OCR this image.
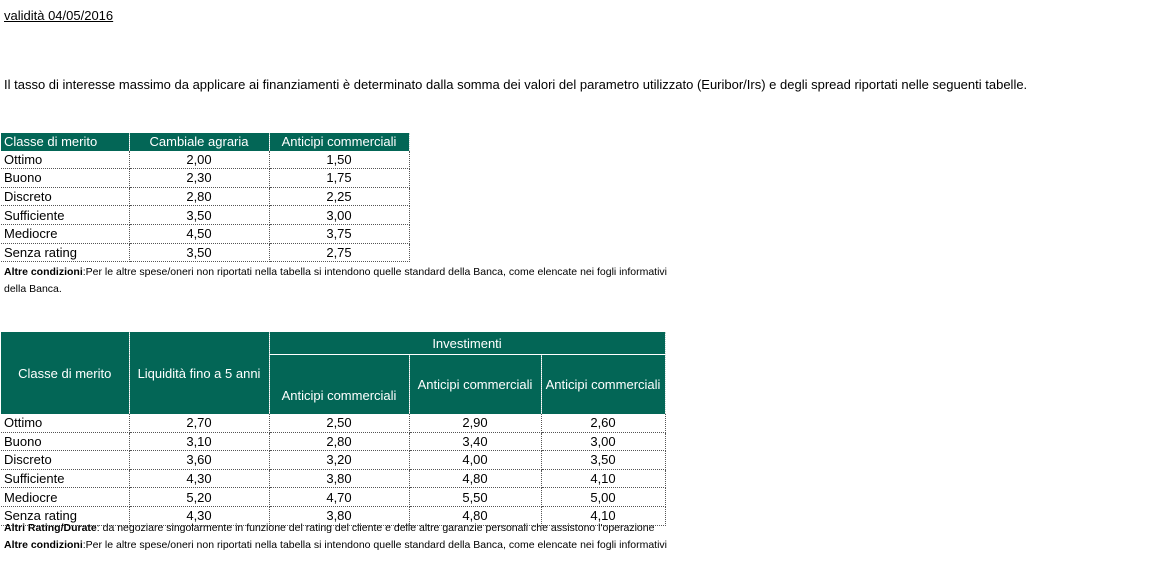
validità 04/05/2016
Il tasso di interesse massimo da applicare ai finanziamenti è determinato dalla somma dei valori del parametro utilizzato (Euribor/Irs) e degli spread riportati nelle seguenti tabelle.
Classe di merito	Cambiale agraria	Anticipi commerciali
Ottimo	2,00	1,50
Buono	2,30	1,75
Discreto	2,80	2,25
Sufficiente	3,50	3,00
Mediocre	4,50	3,75
Senza rating	3,50	2,75
Altre condizioni:Per le altre spese/oneri non riportati nella tabella si intendono quelle standard della Banca, come elencate nei fogli informativi
della Banca.
Classe di merito	Liquidità fino a 5 anni	Investimenti		
		Anticipi commerciali	Anticipi commerciali	Anticipi commerciali
Ottimo	2,70	2,50	2,90	2,60
Buono	3,10	2,80	3,40	3,00
Discreto	3,60	3,20	4,00	3,50
Sufficiente	4,30	3,80	4,80	4,10
Mediocre	5,20	4,70	5,50	5,00
Senza rating	4,30	3,80	4,80	4,10
Altri Rating/Durate: da negoziare singolarmente in funzione del rating del cliente e delle altre garanzie personali che assistono l'operazione
Altre condizioni:Per le altre spese/oneri non riportati nella tabella si intendono quelle standard della Banca, come elencate nei fogli informativi
